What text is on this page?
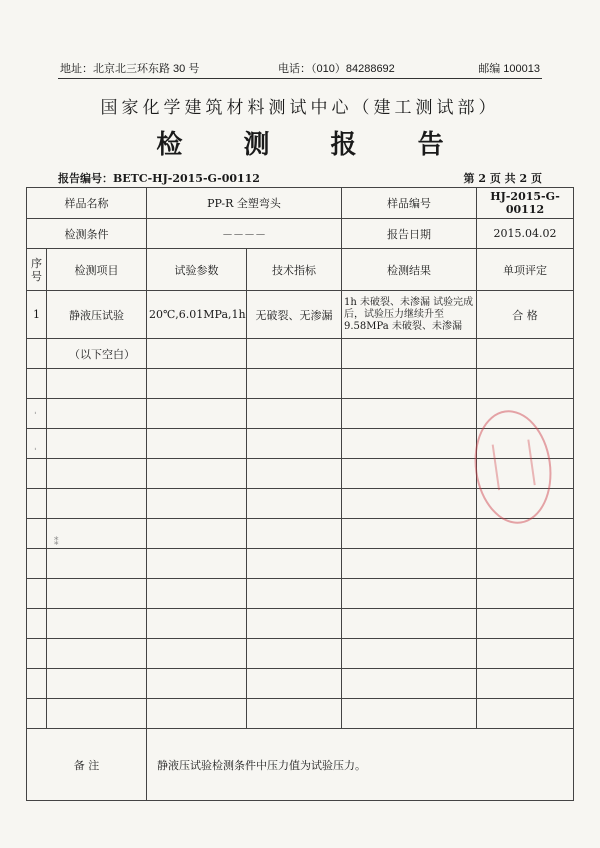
地址：北京北三环东路 30 号	电话：（010）84288692	邮编 100013
国家化学建筑材料测试中心（建工测试部）
检 测 报 告
报告编号：BETC-HJ-2015-G-00112	第 2 页 共 2 页
样品名称		PP-R 全塑弯头		样品编号	HJ-2015-G-00112
检测条件		－－－－		报告日期	2015.04.02
序号	检测项目	试验参数	技术指标	检测结果	单项评定
1	静液压试验	20℃,6.01MPa,1h	无破裂、无渗漏	1h 未破裂、未渗漏 试验完成后，试验压力继续升至 9.58MPa 未破裂、未渗漏	合 格
	（以下空白）				

备 注		静液压试验检测条件中压力值为试验压力。			
ˈ
ˈ
⁑
